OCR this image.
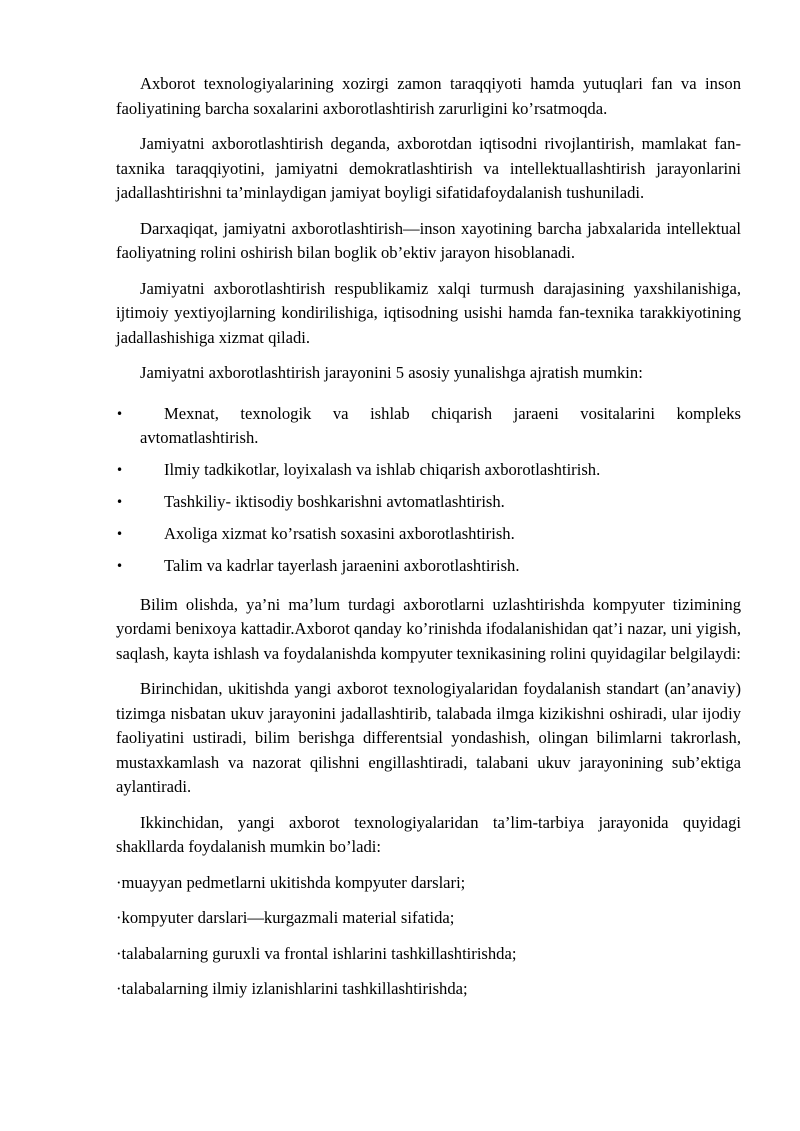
Axborot texnologiyalarining xozirgi zamon taraqqiyoti hamda yutuqlari fan va inson faoliyatining barcha soxalarini axborotlashtirish zarurligini ko’rsatmoqda.

Jamiyatni axborotlashtirish deganda, axborotdan iqtisodni rivojlantirish, mamlakat fan-taxnika taraqqiyotini, jamiyatni demokratlashtirish va intellektuallashtirish jarayonlarini jadallashtirishni ta’minlaydigan jamiyat boyligi sifatidafoydalanish tushuniladi.

Darxaqiqat, jamiyatni axborotlashtirish—inson xayotining barcha jabxalarida intellektual faoliyatning rolini oshirish bilan boglik ob’ektiv jarayon hisoblanadi.

Jamiyatni axborotlashtirish respublikamiz xalqi turmush darajasining yaxshilanishiga, ijtimoiy yextiyojlarning kondirilishiga, iqtisodning usishi hamda fan-texnika tarakkiyotining jadallashishiga xizmat qiladi.

Jamiyatni axborotlashtirish jarayonini 5 asosiy yunalishga ajratish mumkin:

•	Mexnat, texnologik va ishlab chiqarish jaraeni vositalarini kompleks avtomatlashtirish.
•	Ilmiy tadkikotlar, loyixalash va ishlab chiqarish axborotlashtirish.
•	Tashkiliy- iktisodiy boshkarishni avtomatlashtirish.
•	Axoliga xizmat ko’rsatish soxasini axborotlashtirish.
•	Talim va kadrlar tayerlash jaraenini axborotlashtirish.

Bilim olishda, ya’ni ma’lum turdagi axborotlarni uzlashtirishda kompyuter tizimining yordami benixoya kattadir.Axborot qanday ko’rinishda ifodalanishidan qat’i nazar, uni yigish, saqlash, kayta ishlash va foydalanishda kompyuter texnikasining rolini quyidagilar belgilaydi:

Birinchidan, ukitishda yangi axborot texnologiyalaridan foydalanish standart (an’anaviy) tizimga nisbatan ukuv jarayonini jadallashtirib, talabada ilmga kizikishni oshiradi, ular ijodiy faoliyatini ustiradi, bilim berishga differentsial yondashish, olingan bilimlarni takrorlash, mustaxkamlash va nazorat qilishni engillashtiradi, talabani ukuv jarayonining sub’ektiga aylantiradi.

Ikkinchidan, yangi axborot texnologiyalaridan ta’lim-tarbiya jarayonida quyidagi shakllarda foydalanish mumkin bo’ladi:

·muayyan pedmetlarni ukitishda kompyuter darslari;

·kompyuter darslari—kurgazmali material sifatida;

·talabalarning guruxli va frontal ishlarini tashkillashtirishda;

·talabalarning ilmiy izlanishlarini tashkillashtirishda;
